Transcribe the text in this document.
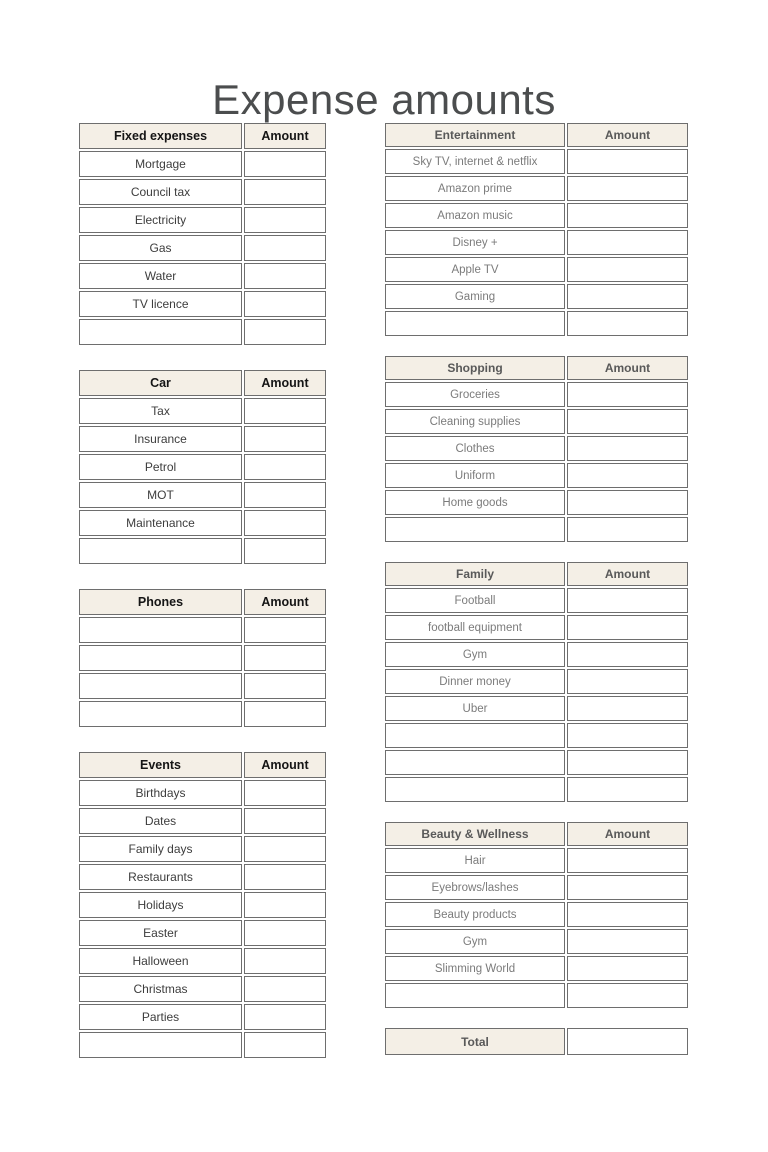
Expense amounts
Fixed expenses	Amount
Mortgage	
Council tax	
Electricity	
Gas	
Water	
TV licence	

Car	Amount
Tax	
Insurance	
Petrol	
MOT	
Maintenance	

Phones	Amount

Events	Amount
Birthdays	
Dates	
Family days	
Restaurants	
Holidays	
Easter	
Halloween	
Christmas	
Parties	

Entertainment	Amount
Sky TV, internet & netflix	
Amazon prime	
Amazon music	
Disney +	
Apple TV	
Gaming	

Shopping	Amount
Groceries	
Cleaning supplies	
Clothes	
Uniform	
Home goods	

Family	Amount
Football	
football equipment	
Gym	
Dinner money	
Uber	

Beauty & Wellness	Amount
Hair	
Eyebrows/lashes	
Beauty products	
Gym	
Slimming World	

Total	
